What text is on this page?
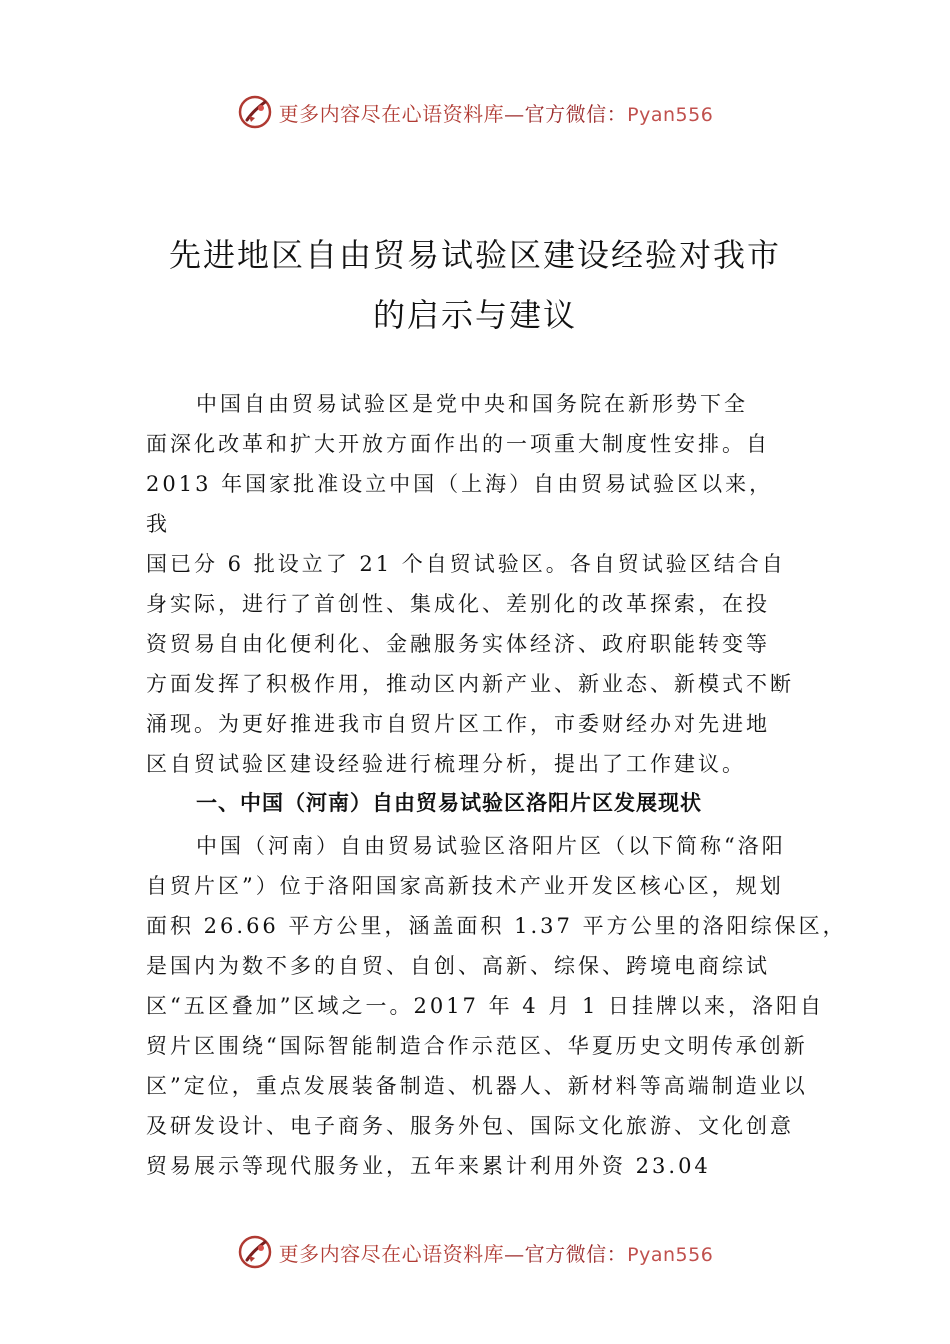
更多内容尽在心语资料库—官方微信：Pyan556
先进地区自由贸易试验区建设经验对我市
的启示与建议
中国自由贸易试验区是党中央和国务院在新形势下全
面深化改革和扩大开放方面作出的一项重大制度性安排。自
2013 年国家批准设立中国（上海）自由贸易试验区以来，
我
国已分 6 批设立了 21 个自贸试验区。各自贸试验区结合自
身实际，进行了首创性、集成化、差别化的改革探索，在投
资贸易自由化便利化、金融服务实体经济、政府职能转变等
方面发挥了积极作用，推动区内新产业、新业态、新模式不断
涌现。为更好推进我市自贸片区工作，市委财经办对先进地
区自贸试验区建设经验进行梳理分析，提出了工作建议。
一、中国（河南）自由贸易试验区洛阳片区发展现状
中国（河南）自由贸易试验区洛阳片区（以下简称“洛阳
自贸片区”）位于洛阳国家高新技术产业开发区核心区，规划
面积 26.66 平方公里，涵盖面积 1.37 平方公里的洛阳综保区，
是国内为数不多的自贸、自创、高新、综保、跨境电商综试
区“五区叠加”区域之一。2017 年 4 月 1 日挂牌以来，洛阳自
贸片区围绕“国际智能制造合作示范区、华夏历史文明传承创新
区”定位，重点发展装备制造、机器人、新材料等高端制造业以
及研发设计、电子商务、服务外包、国际文化旅游、文化创意
贸易展示等现代服务业，五年来累计利用外资 23.04
更多内容尽在心语资料库—官方微信：Pyan556
